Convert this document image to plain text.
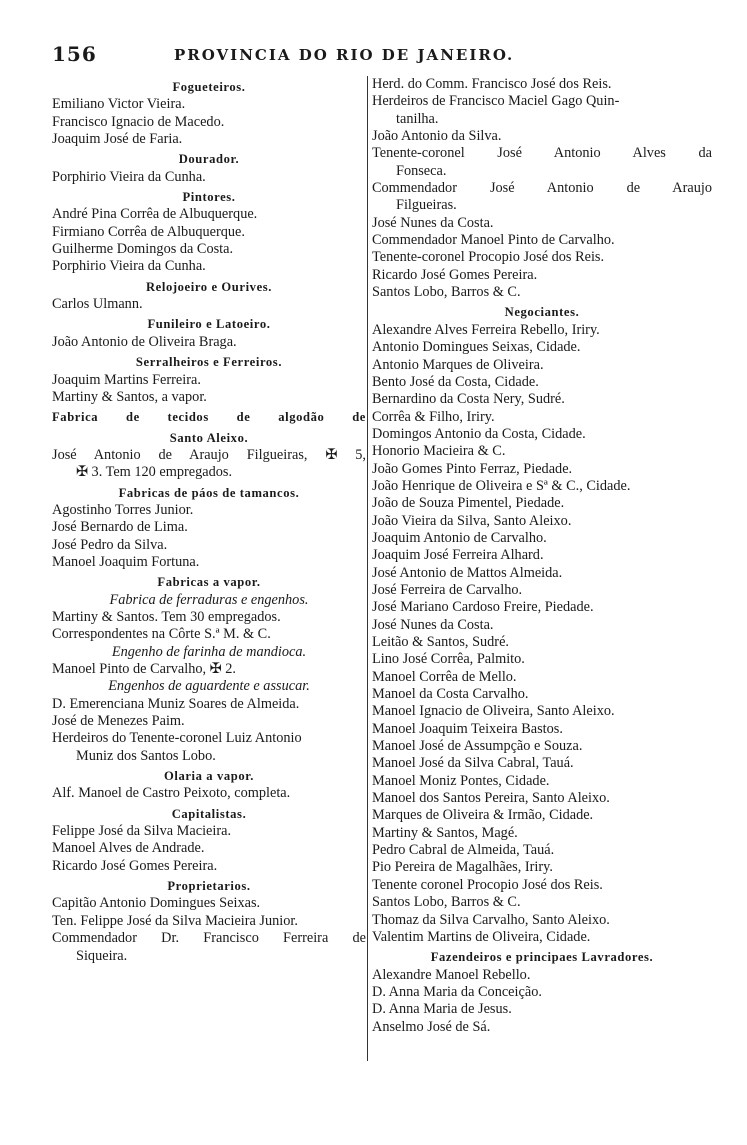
156	PROVINCIA DO RIO DE JANEIRO.
Fogueteiros.
Emiliano Victor Vieira.
Francisco Ignacio de Macedo.
Joaquim José de Faria.
Dourador.
Porphirio Vieira da Cunha.
Pintores.
André Pina Corrêa de Albuquerque.
Firmiano Corrêa de Albuquerque.
Guilherme Domingos da Costa.
Porphirio Vieira da Cunha.
Relojoeiro e Ourives.
Carlos Ulmann.
Funileiro e Latoeiro.
João Antonio de Oliveira Braga.
Serralheiros e Ferreiros.
Joaquim Martins Ferreira.
Martiny & Santos, a vapor.
Fabrica de tecidos de algodão de
Santo Aleixo.
José Antonio de Araujo Filgueiras, ✠ 5,
✠ 3. Tem 120 empregados.
Fabricas de páos de tamancos.
Agostinho Torres Junior.
José Bernardo de Lima.
José Pedro da Silva.
Manoel Joaquim Fortuna.
Fabricas a vapor.
Fabrica de ferraduras e engenhos.
Martiny & Santos. Tem 30 empregados.
Correspondentes na Côrte S.ª M. & C.
Engenho de farinha de mandioca.
Manoel Pinto de Carvalho, ✠ 2.
Engenhos de aguardente e assucar.
D. Emerenciana Muniz Soares de Almeida.
José de Menezes Paim.
Herdeiros do Tenente-coronel Luiz Antonio
Muniz dos Santos Lobo.
Olaria a vapor.
Alf. Manoel de Castro Peixoto, completa.
Capitalistas.
Felippe José da Silva Macieira.
Manoel Alves de Andrade.
Ricardo José Gomes Pereira.
Proprietarios.
Capitão Antonio Domingues Seixas.
Ten. Felippe José da Silva Macieira Junior.
Commendador Dr. Francisco Ferreira de
Siqueira.
Herd. do Comm. Francisco José dos Reis.
Herdeiros de Francisco Maciel Gago Quin-
tanilha.
João Antonio da Silva.
Tenente-coronel José Antonio Alves da
Fonseca.
Commendador José Antonio de Araujo
Filgueiras.
José Nunes da Costa.
Commendador Manoel Pinto de Carvalho.
Tenente-coronel Procopio José dos Reis.
Ricardo José Gomes Pereira.
Santos Lobo, Barros & C.
Negociantes.
Alexandre Alves Ferreira Rebello, Iriry.
Antonio Domingues Seixas, Cidade.
Antonio Marques de Oliveira.
Bento José da Costa, Cidade.
Bernardino da Costa Nery, Sudré.
Corrêa & Filho, Iriry.
Domingos Antonio da Costa, Cidade.
Honorio Macieira & C.
João Gomes Pinto Ferraz, Piedade.
João Henrique de Oliveira e Sª & C., Cidade.
João de Souza Pimentel, Piedade.
João Vieira da Silva, Santo Aleixo.
Joaquim Antonio de Carvalho.
Joaquim José Ferreira Alhard.
José Antonio de Mattos Almeida.
José Ferreira de Carvalho.
José Mariano Cardoso Freire, Piedade.
José Nunes da Costa.
Leitão & Santos, Sudré.
Lino José Corrêa, Palmito.
Manoel Corrêa de Mello.
Manoel da Costa Carvalho.
Manoel Ignacio de Oliveira, Santo Aleixo.
Manoel Joaquim Teixeira Bastos.
Manoel José de Assumpção e Souza.
Manoel José da Silva Cabral, Tauá.
Manoel Moniz Pontes, Cidade.
Manoel dos Santos Pereira, Santo Aleixo.
Marques de Oliveira & Irmão, Cidade.
Martiny & Santos, Magé.
Pedro Cabral de Almeida, Tauá.
Pio Pereira de Magalhães, Iriry.
Tenente coronel Procopio José dos Reis.
Santos Lobo, Barros & C.
Thomaz da Silva Carvalho, Santo Aleixo.
Valentim Martins de Oliveira, Cidade.
Fazendeiros e principaes Lavradores.
Alexandre Manoel Rebello.
D. Anna Maria da Conceição.
D. Anna Maria de Jesus.
Anselmo José de Sá.
